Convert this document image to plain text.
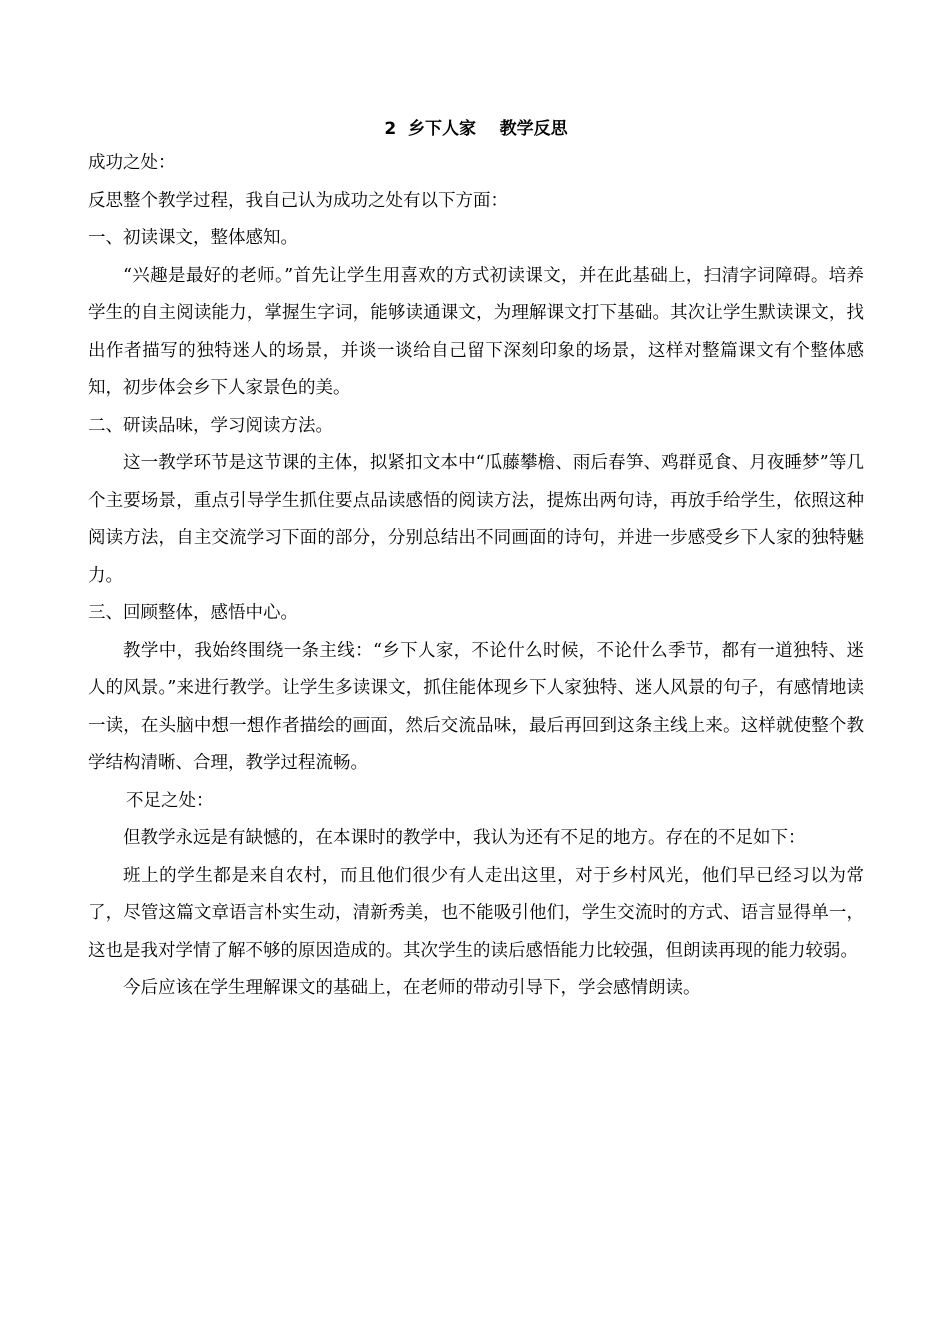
2  乡下人家    教学反思

成功之处：

反思整个教学过程，我自己认为成功之处有以下方面：

一、初读课文，整体感知。

“兴趣是最好的老师。”首先让学生用喜欢的方式初读课文，并在此基础上，扫清字词障碍。培养学生的自主阅读能力，掌握生字词，能够读通课文，为理解课文打下基础。其次让学生默读课文，找出作者描写的独特迷人的场景，并谈一谈给自己留下深刻印象的场景，这样对整篇课文有个整体感知，初步体会乡下人家景色的美。

二、研读品味，学习阅读方法。

这一教学环节是这节课的主体，拟紧扣文本中“瓜藤攀檐、雨后春笋、鸡群觅食、月夜睡梦”等几个主要场景，重点引导学生抓住要点品读感悟的阅读方法，提炼出两句诗，再放手给学生，依照这种阅读方法，自主交流学习下面的部分，分别总结出不同画面的诗句，并进一步感受乡下人家的独特魅力。

三、回顾整体，感悟中心。

教学中，我始终围绕一条主线：“乡下人家，不论什么时候，不论什么季节，都有一道独特、迷人的风景。”来进行教学。让学生多读课文，抓住能体现乡下人家独特、迷人风景的句子，有感情地读一读，在头脑中想一想作者描绘的画面，然后交流品味，最后再回到这条主线上来。这样就使整个教学结构清晰、合理，教学过程流畅。

不足之处：

但教学永远是有缺憾的，在本课时的教学中，我认为还有不足的地方。存在的不足如下：

班上的学生都是来自农村，而且他们很少有人走出这里，对于乡村风光，他们早已经习以为常了，尽管这篇文章语言朴实生动，清新秀美，也不能吸引他们，学生交流时的方式、语言显得单一，这也是我对学情了解不够的原因造成的。其次学生的读后感悟能力比较强，但朗读再现的能力较弱。

今后应该在学生理解课文的基础上，在老师的带动引导下，学会感情朗读。
